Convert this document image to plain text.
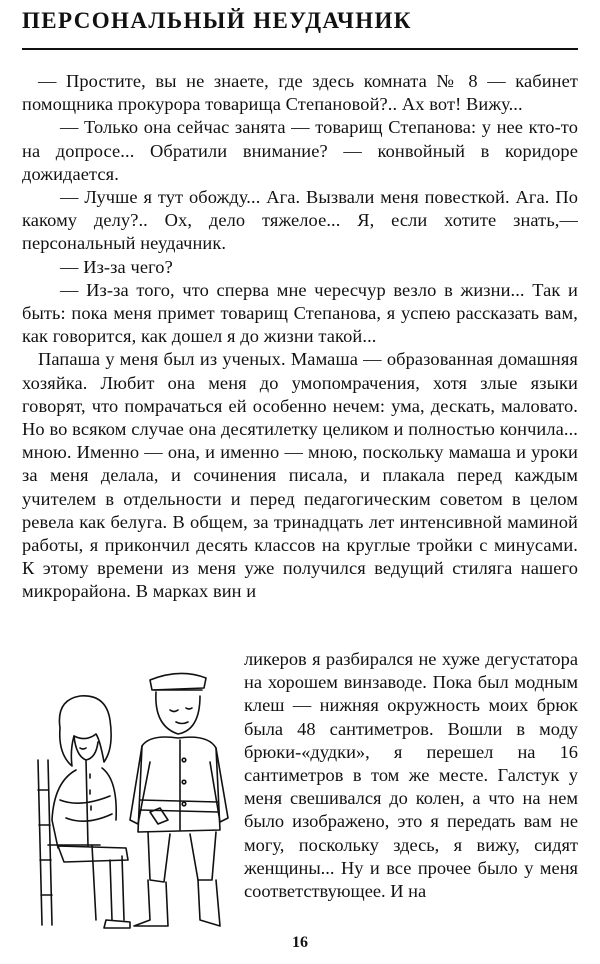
ПЕРСОНАЛЬНЫЙ НЕУДАЧНИК

— Простите, вы не знаете, где здесь комната № 8 — кабинет помощника прокурора товарища Степановой?.. Ах вот! Вижу...

— Только она сейчас занята — товарищ Степанова: у нее кто-то на допросе... Обратили внимание? — конвойный в коридоре дожидается.

— Лучше я тут обожду... Ага. Вызвали меня повесткой. Ага. По какому делу?.. Ох, дело тяжелое... Я, если хотите знать,— персональный неудачник.

— Из-за чего?

— Из-за того, что сперва мне чересчур везло в жизни... Так и быть: пока меня примет товарищ Степанова, я успею рассказать вам, как говорится, как дошел я до жизни такой...

Папаша у меня был из ученых. Мамаша — образованная домашняя хозяйка. Любит она меня до умопомрачения, хотя злые языки говорят, что помрачаться ей особенно нечем: ума, дескать, маловато. Но во всяком случае она десятилетку целиком и полностью кончила... мною. Именно — она, и именно — мною, поскольку мамаша и уроки за меня делала, и сочинения писала, и плакала перед каждым учителем в отдельности и перед педагогическим советом в целом ревела как белуга. В общем, за тринадцать лет интенсивной маминой работы, я прикончил десять классов на круглые тройки с минусами. К этому времени из меня уже получился ведущий стиляга нашего микрорайона. В марках вин и

ликеров я разбирался не хуже дегустатора на хорошем винзаводе. Пока был модным клеш — нижняя окружность моих брюк была 48 сантиметров. Вошли в моду брюки-«дудки», я перешел на 16 сантиметров в том же месте. Галстук у меня свешивался до колен, а что на нем было изображено, это я передать вам не могу, поскольку здесь, я вижу, сидят женщины... Ну и все прочее было у меня соответствующее. И на
16
